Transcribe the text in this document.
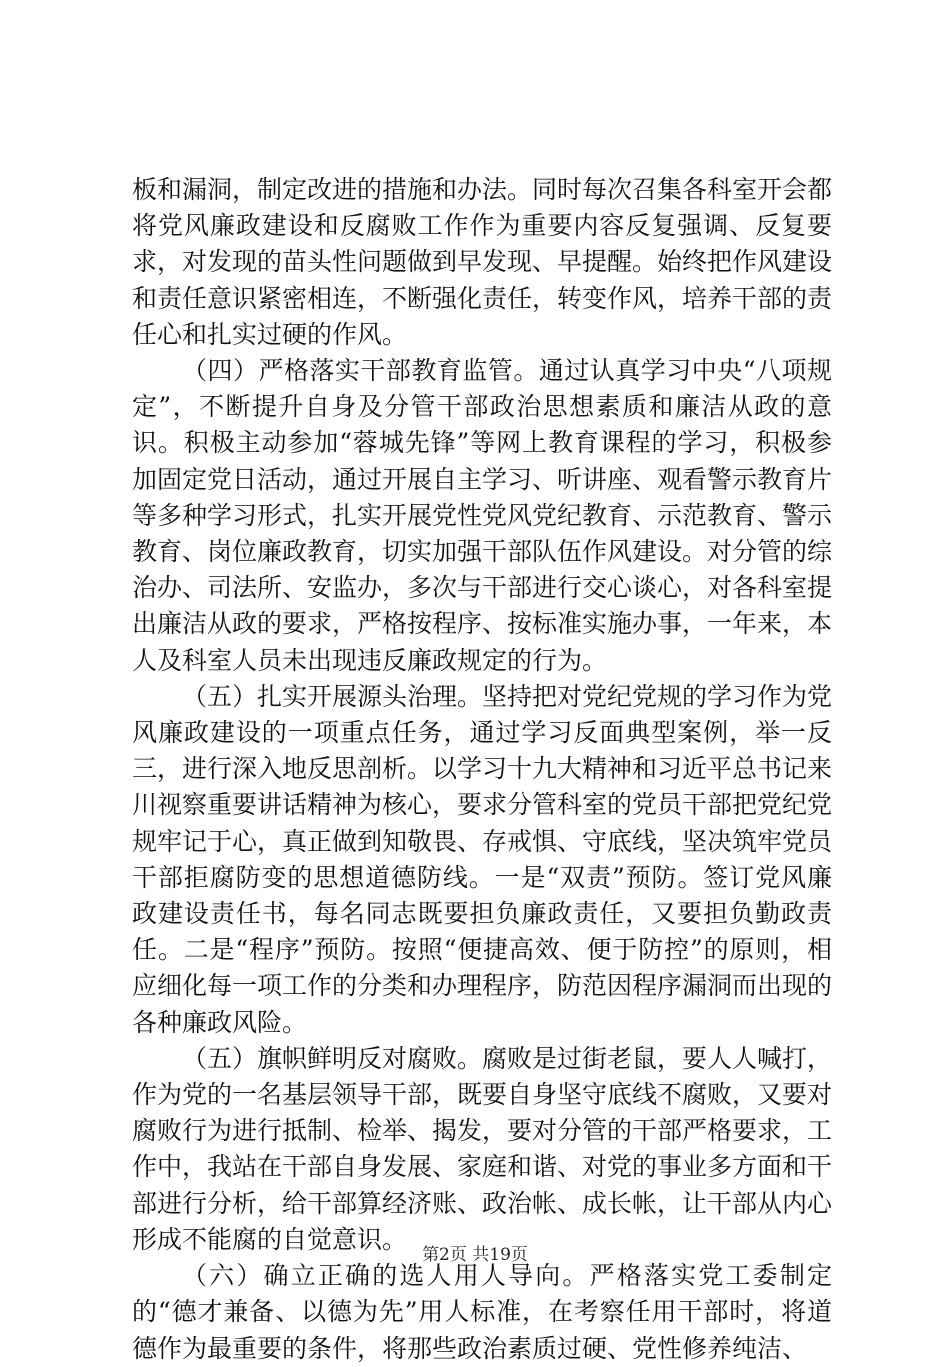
板和漏洞，制定改进的措施和办法。同时每次召集各科室开会都将党风廉政建设和反腐败工作作为重要内容反复强调、反复要求，对发现的苗头性问题做到早发现、早提醒。始终把作风建设和责任意识紧密相连，不断强化责任，转变作风，培养干部的责任心和扎实过硬的作风。

（四）严格落实干部教育监管。通过认真学习中央“八项规定”，不断提升自身及分管干部政治思想素质和廉洁从政的意识。积极主动参加“蓉城先锋”等网上教育课程的学习，积极参加固定党日活动，通过开展自主学习、听讲座、观看警示教育片等多种学习形式，扎实开展党性党风党纪教育、示范教育、警示教育、岗位廉政教育，切实加强干部队伍作风建设。对分管的综治办、司法所、安监办，多次与干部进行交心谈心，对各科室提出廉洁从政的要求，严格按程序、按标准实施办事，一年来，本人及科室人员未出现违反廉政规定的行为。

（五）扎实开展源头治理。坚持把对党纪党规的学习作为党风廉政建设的一项重点任务，通过学习反面典型案例，举一反三，进行深入地反思剖析。以学习十九大精神和习近平总书记来川视察重要讲话精神为核心，要求分管科室的党员干部把党纪党规牢记于心，真正做到知敬畏、存戒惧、守底线，坚决筑牢党员干部拒腐防变的思想道德防线。一是“双责”预防。签订党风廉政建设责任书，每名同志既要担负廉政责任，又要担负勤政责任。二是“程序”预防。按照“便捷高效、便于防控”的原则，相应细化每一项工作的分类和办理程序，防范因程序漏洞而出现的各种廉政风险。

（五）旗帜鲜明反对腐败。腐败是过街老鼠，要人人喊打，作为党的一名基层领导干部，既要自身坚守底线不腐败，又要对腐败行为进行抵制、检举、揭发，要对分管的干部严格要求，工作中，我站在干部自身发展、家庭和谐、对党的事业多方面和干部进行分析，给干部算经济账、政治帐、成长帐，让干部从内心形成不能腐的自觉意识。

（六）确立正确的选人用人导向。严格落实党工委制定的“德才兼备、以德为先”用人标准，在考察任用干部时，将道德作为最重要的条件，将那些政治素质过硬、党性修养纯洁、

第2页 共19页
